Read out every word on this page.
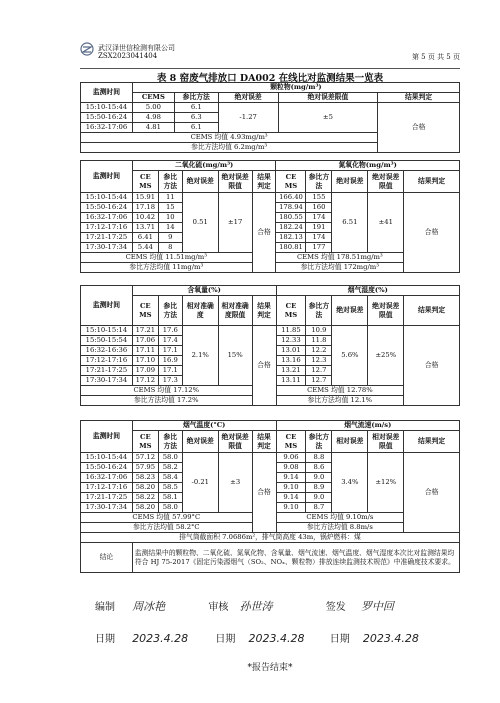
武汉泽世信检测有限公司
ZSX2023041404	第 5 页 共 5 页
表 8 窑废气排放口 DA002 在线比对监测结果一览表
监测时间	颗粒物(mg/m³)				
	CEMS	参比方法	绝对误差	绝对误差限值	结果判定
15:10-15:44	5.00	6.1	-1.27	±5	合格
15:50-16:24	4.98	6.3			
16:32-17:06	4.81	6.1			
CEMS 均值 4.93mg/m³					
参比方法均值 6.2mg/m³					
监测时间	二氧化硫(mg/m³)					氮氧化物(mg/m³)				
	CE MS	参比方法	绝对误差	绝对误差限值	结果判定	CE MS	参比方法	绝对误差	绝对误差限值	结果判定
15:10-15:44	15.91	11	0.51	±17	合格	166.40	155	6.51	±41	合格
15:50-16:24	17.18	15				178.94	160			
16:32-17:06	10.42	10				180.55	174			
17:12-17:16	13.71	14				182.24	191			
17:21-17:25	6.41	9				182.13	174			
17:30-17:34	5.44	8				180.81	177			
CEMS 均值 11.51mg/m³						CEMS 均值 178.51mg/m³				
参比方法均值 11mg/m³						参比方法均值 172mg/m³				
监测时间	含氧量(%)					烟气湿度(%)				
	CE MS	参比方法	相对准确度	相对准确度限值	结果判定	CE MS	参比方法	绝对误差	绝对误差限值	结果判定
15:10-15:14	17.21	17.6	2.1%	15%	合格	11.85	10.9	5.6%	±25%	合格
15:50-15:54	17.06	17.4				12.33	11.8			
16:32-16:36	17.11	17.1				13.01	12.2			
17:12-17:16	17.10	16.9				13.16	12.3			
17:21-17:25	17.09	17.1				13.21	12.7			
17:30-17:34	17.12	17.3				13.11	12.7			
CEMS 均值 17.12%						CEMS 均值 12.78%				
参比方法均值 17.2%						参比方法均值 12.1%				
监测时间	烟气温度(°C)					烟气流速(m/s)				
	CE MS	参比方法	绝对误差	绝对误差限值	结果判定	CE MS	参比方法	相对误差	相对误差限值	结果判定
15:10-15:44	57.12	58.0	-0.21	±3	合格	9.06	8.8	3.4%	±12%	合格
15:50-16:24	57.95	58.2				9.08	8.6			
16:32-17:06	58.23	58.4				9.14	9.0			
17:12-17:16	58.20	58.5				9.10	8.9			
17:21-17:25	58.22	58.1				9.14	9.0			
17:30-17:34	58.20	58.0				9.10	8.7			
CEMS 均值 57.99°C						CEMS 均值 9.10m/s				
参比方法均值 58.2°C						参比方法均值 8.8m/s				
排气筒截面积 7.0686m²，排气筒高度 43m，锅炉燃料：煤										
结论	监测结果中的颗粒物、二氧化硫、氮氧化物、含氧量、烟气流速、烟气温度、烟气湿度本次比对监测结果均符合 HJ 75-2017《固定污染源烟气（SO₂、NOₓ、颗粒物）排放连续监测技术规范》中准确度技术要求。									
编制 周冰艳	审核 孙世涛	签发 罗中回
日期 2023.4.28	日期 2023.4.28	日期 2023.4.28
*报告结束*
